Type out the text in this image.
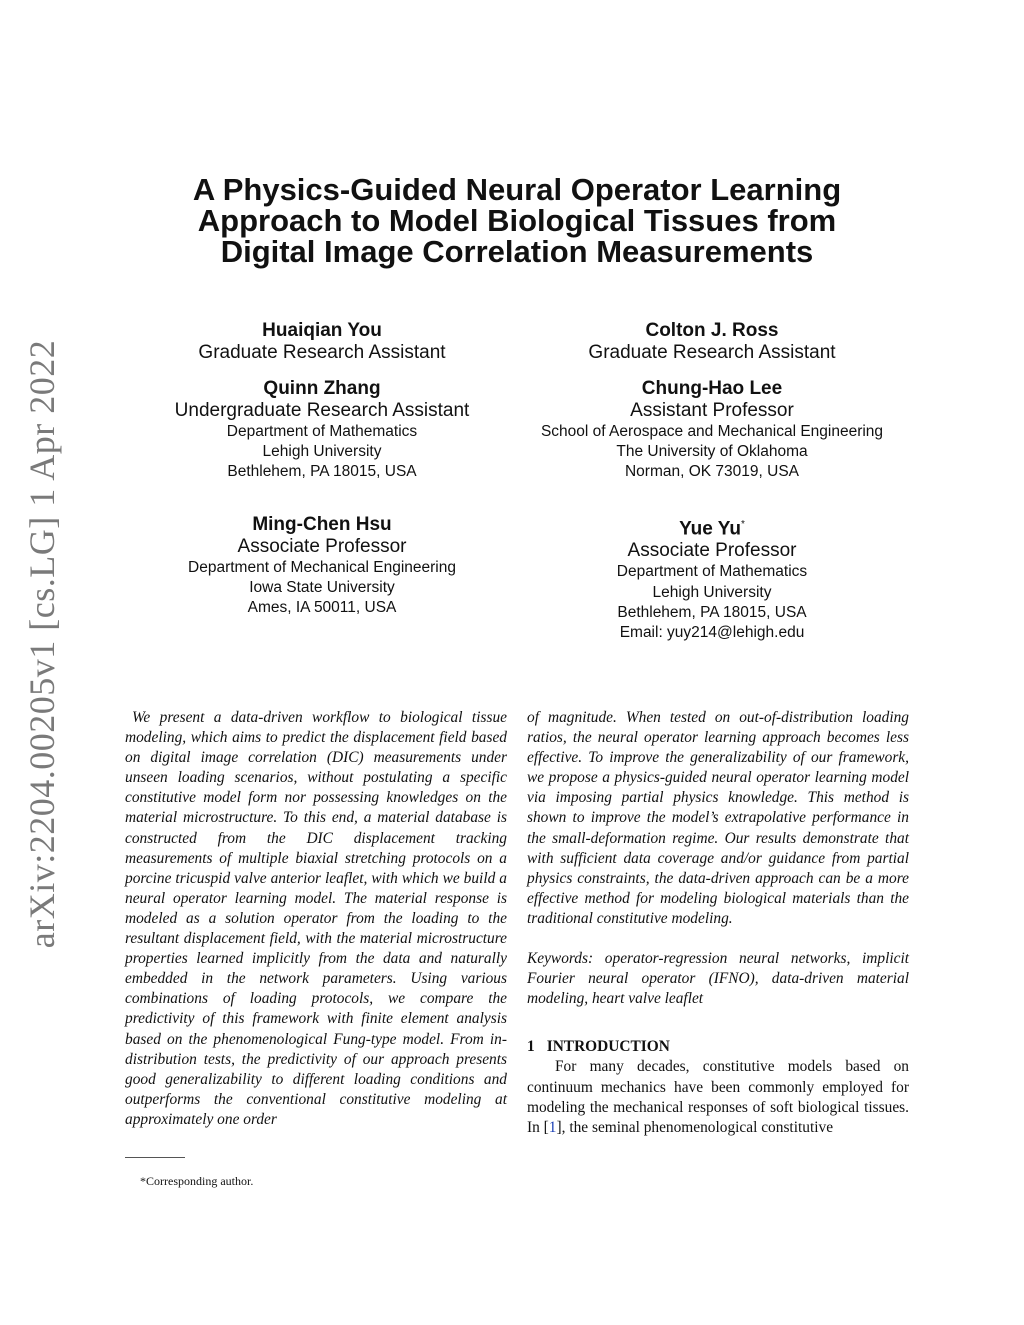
arXiv:2204.00205v1 [cs.LG] 1 Apr 2022
A Physics-Guided Neural Operator Learning
Approach to Model Biological Tissues from
Digital Image Correlation Measurements
Huaiqian You
Graduate Research Assistant
Colton J. Ross
Graduate Research Assistant
Quinn Zhang
Undergraduate Research Assistant
Department of Mathematics
Lehigh University
Bethlehem, PA 18015, USA
Chung-Hao Lee
Assistant Professor
School of Aerospace and Mechanical Engineering
The University of Oklahoma
Norman, OK 73019, USA
Ming-Chen Hsu
Associate Professor
Department of Mechanical Engineering
Iowa State University
Ames, IA 50011, USA
Yue Yu*
Associate Professor
Department of Mathematics
Lehigh University
Bethlehem, PA 18015, USA
Email: yuy214@lehigh.edu

We present a data-driven workflow to biological tissue modeling, which aims to predict the displacement field based on digital image correlation (DIC) measurements under unseen loading scenarios, without postulating a specific constitutive model form nor possessing knowledges on the material microstructure. To this end, a material database is constructed from the DIC displacement tracking measurements of multiple biaxial stretching protocols on a porcine tricuspid valve anterior leaflet, with which we build a neural operator learning model. The material response is modeled as a solution operator from the loading to the resultant displacement field, with the material microstructure properties learned implicitly from the data and naturally embedded in the network parameters. Using various combinations of loading protocols, we compare the predictivity of this framework with finite element analysis based on the phenomenological Fung-type model. From in-distribution tests, the predictivity of our approach presents good generalizability to different loading conditions and outperforms the conventional constitutive modeling at approximately one order

of magnitude. When tested on out-of-distribution loading ratios, the neural operator learning approach becomes less effective. To improve the generalizability of our framework, we propose a physics-guided neural operator learning model via imposing partial physics knowledge. This method is shown to improve the model’s extrapolative performance in the small-deformation regime. Our results demonstrate that with sufficient data coverage and/or guidance from partial physics constraints, the data-driven approach can be a more effective method for modeling biological materials than the traditional constitutive modeling.

Keywords: operator-regression neural networks, implicit Fourier neural operator (IFNO), data-driven material modeling, heart valve leaflet

1 INTRODUCTION

For many decades, constitutive models based on continuum mechanics have been commonly employed for modeling the mechanical responses of soft biological tissues. In [1], the seminal phenomenological constitutive

*Corresponding author.
